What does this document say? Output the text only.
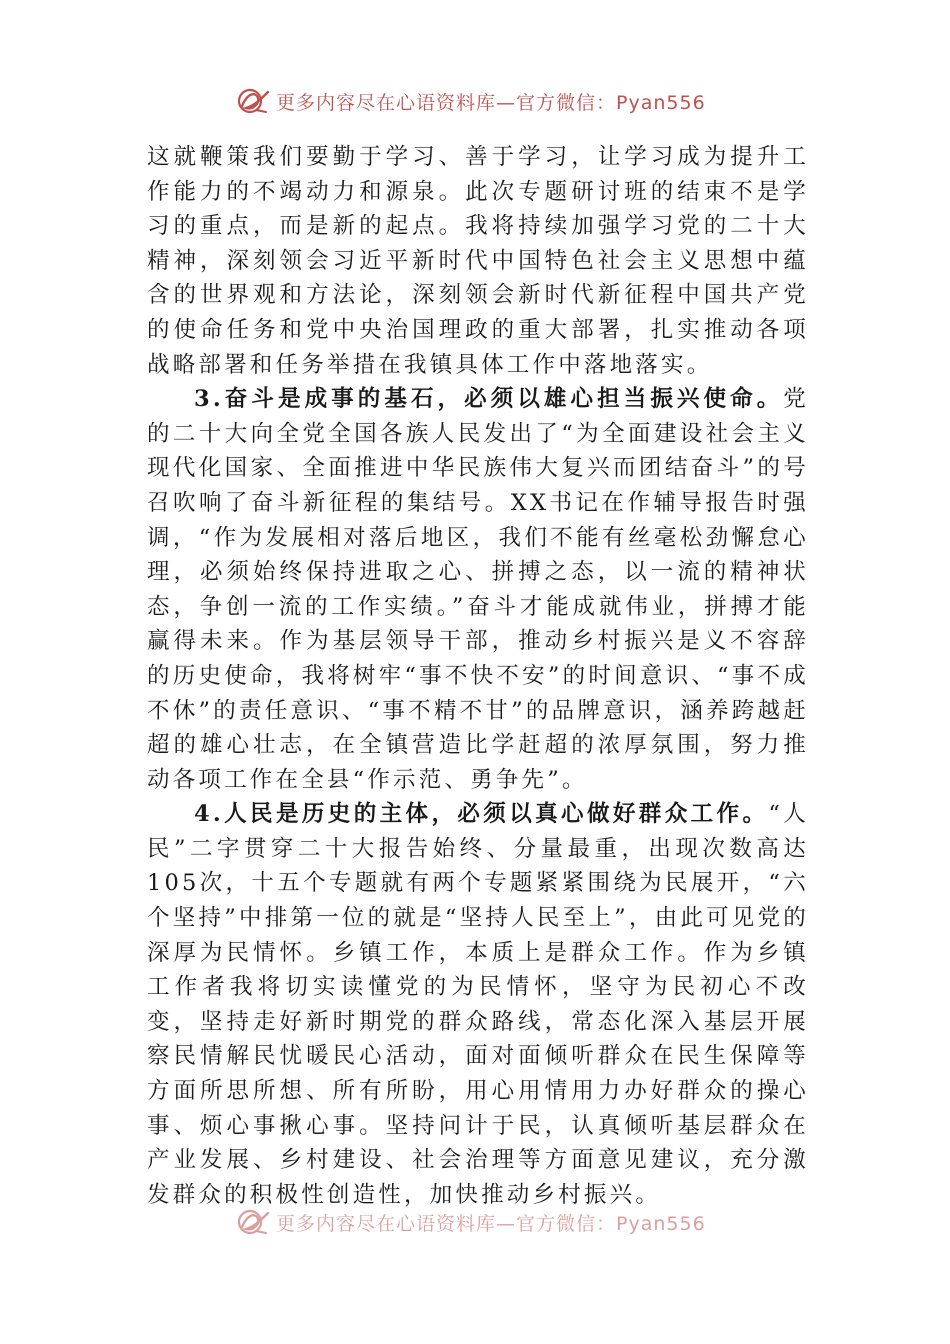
更多内容尽在心语资料库—官方微信：Pyan556

这就鞭策我们要勤于学习、善于学习，让学习成为提升工作能力的不竭动力和源泉。此次专题研讨班的结束不是学习的重点，而是新的起点。我将持续加强学习党的二十大精神，深刻领会习近平新时代中国特色社会主义思想中蕴含的世界观和方法论，深刻领会新时代新征程中国共产党的使命任务和党中央治国理政的重大部署，扎实推动各项战略部署和任务举措在我镇具体工作中落地落实。

3.奋斗是成事的基石，必须以雄心担当振兴使命。党的二十大向全党全国各族人民发出了“为全面建设社会主义现代化国家、全面推进中华民族伟大复兴而团结奋斗”的号召吹响了奋斗新征程的集结号。XX书记在作辅导报告时强调，“作为发展相对落后地区，我们不能有丝毫松劲懈怠心理，必须始终保持进取之心、拼搏之态，以一流的精神状态，争创一流的工作实绩。”奋斗才能成就伟业，拼搏才能赢得未来。作为基层领导干部，推动乡村振兴是义不容辞的历史使命，我将树牢“事不快不安”的时间意识、“事不成不休”的责任意识、“事不精不甘”的品牌意识，涵养跨越赶超的雄心壮志，在全镇营造比学赶超的浓厚氛围，努力推动各项工作在全县“作示范、勇争先”。

4.人民是历史的主体，必须以真心做好群众工作。“人民”二字贯穿二十大报告始终、分量最重，出现次数高达105次，十五个专题就有两个专题紧紧围绕为民展开，“六个坚持”中排第一位的就是“坚持人民至上”，由此可见党的深厚为民情怀。乡镇工作，本质上是群众工作。作为乡镇工作者我将切实读懂党的为民情怀，坚守为民初心不改变，坚持走好新时期党的群众路线，常态化深入基层开展察民情解民忧暖民心活动，面对面倾听群众在民生保障等方面所思所想、所有所盼，用心用情用力办好群众的操心事、烦心事揪心事。坚持问计于民，认真倾听基层群众在产业发展、乡村建设、社会治理等方面意见建议，充分激发群众的积极性创造性，加快推动乡村振兴。

更多内容尽在心语资料库—官方微信：Pyan556
